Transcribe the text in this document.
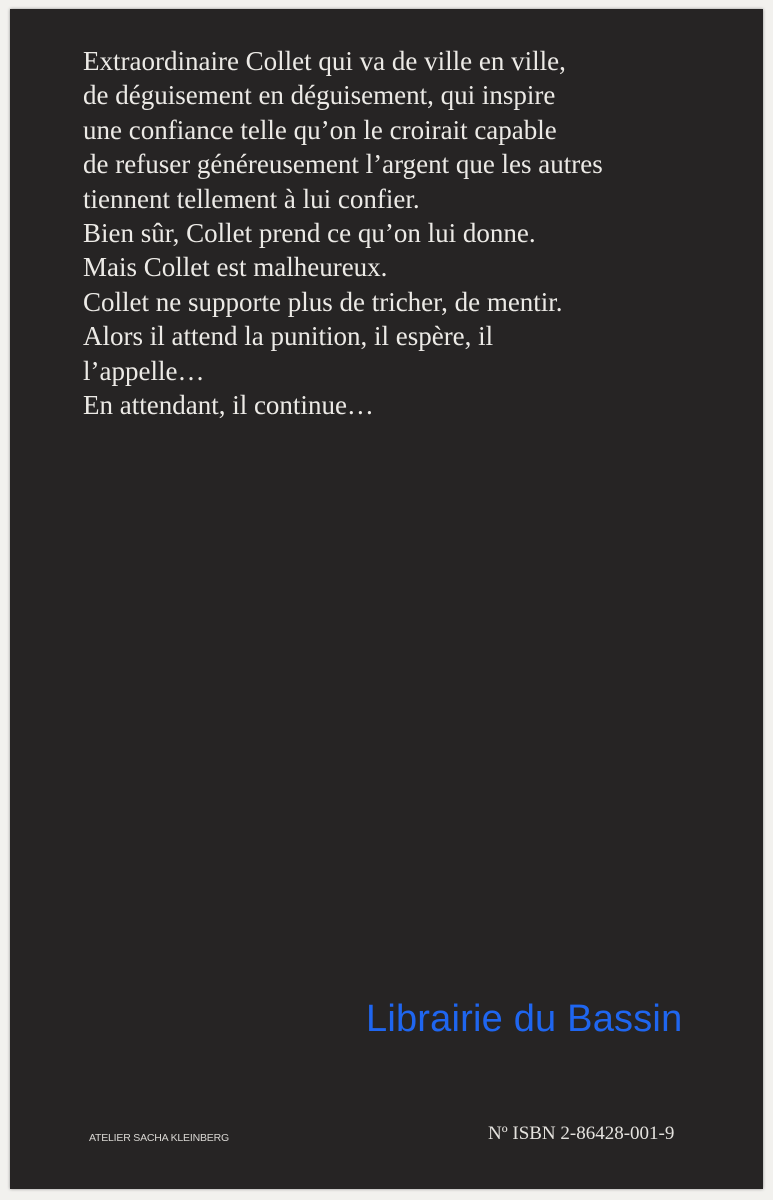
Extraordinaire Collet qui va de ville en ville,
de déguisement en déguisement, qui inspire
une confiance telle qu’on le croirait capable
de refuser généreusement l’argent que les autres
tiennent tellement à lui confier.
Bien sûr, Collet prend ce qu’on lui donne.
Mais Collet est malheureux.
Collet ne supporte plus de tricher, de mentir.
Alors il attend la punition, il espère, il
l’appelle…
En attendant, il continue…
Librairie du Bassin
ATELIER SACHA KLEINBERG	Nº ISBN 2-86428-001-9
